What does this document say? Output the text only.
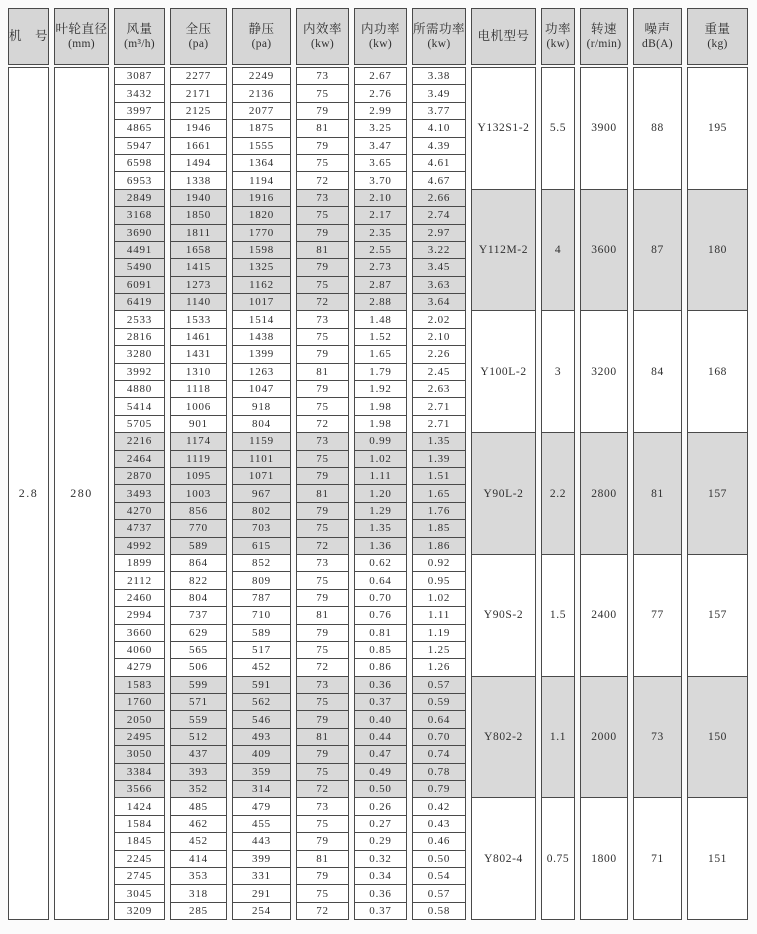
机　号
叶轮直径
(mm)
风量
(m³/h)
全压
(pa)
静压
(pa)
内效率
(kw)
内功率
(kw)
所需功率
(kw)
电机型号
功率
(kw)
转速
(r/min)
噪声
dB(A)
重量
(kg)
2.8	280
3087
3432
3997
4865
5947
6598
6953
2849
3168
3690
4491
5490
6091
6419
2533
2816
3280
3992
4880
5414
5705
2216
2464
2870
3493
4270
4737
4992
1899
2112
2460
2994
3660
4060
4279
1583
1760
2050
2495
3050
3384
3566
1424
1584
1845
2245
2745
3045
3209
2277
2171
2125
1946
1661
1494
1338
1940
1850
1811
1658
1415
1273
1140
1533
1461
1431
1310
1118
1006
901
1174
1119
1095
1003
856
770
589
864
822
804
737
629
565
506
599
571
559
512
437
393
352
485
462
452
414
353
318
285
2249
2136
2077
1875
1555
1364
1194
1916
1820
1770
1598
1325
1162
1017
1514
1438
1399
1263
1047
918
804
1159
1101
1071
967
802
703
615
852
809
787
710
589
517
452
591
562
546
493
409
359
314
479
455
443
399
331
291
254
73
75
79
81
79
75
72
73
75
79
81
79
75
72
73
75
79
81
79
75
72
73
75
79
81
79
75
72
73
75
79
81
79
75
72
73
75
79
81
79
75
72
73
75
79
81
79
75
72
2.67
2.76
2.99
3.25
3.47
3.65
3.70
2.10
2.17
2.35
2.55
2.73
2.87
2.88
1.48
1.52
1.65
1.79
1.92
1.98
1.98
0.99
1.02
1.11
1.20
1.29
1.35
1.36
0.62
0.64
0.70
0.76
0.81
0.85
0.86
0.36
0.37
0.40
0.44
0.47
0.49
0.50
0.26
0.27
0.29
0.32
0.34
0.36
0.37
3.38
3.49
3.77
4.10
4.39
4.61
4.67
2.66
2.74
2.97
3.22
3.45
3.63
3.64
2.02
2.10
2.26
2.45
2.63
2.71
2.71
1.35
1.39
1.51
1.65
1.76
1.85
1.86
0.92
0.95
1.02
1.11
1.19
1.25
1.26
0.57
0.59
0.64
0.70
0.74
0.78
0.79
0.42
0.43
0.46
0.50
0.54
0.57
0.58
Y132S1-2
Y112M-2
Y100L-2
Y90L-2
Y90S-2
Y802-2
Y802-4
5.5
4
3
2.2
1.5
1.1
0.75
3900
3600
3200
2800
2400
2000
1800
88
87
84
81
77
73
71
195
180
168
157
157
150
151
